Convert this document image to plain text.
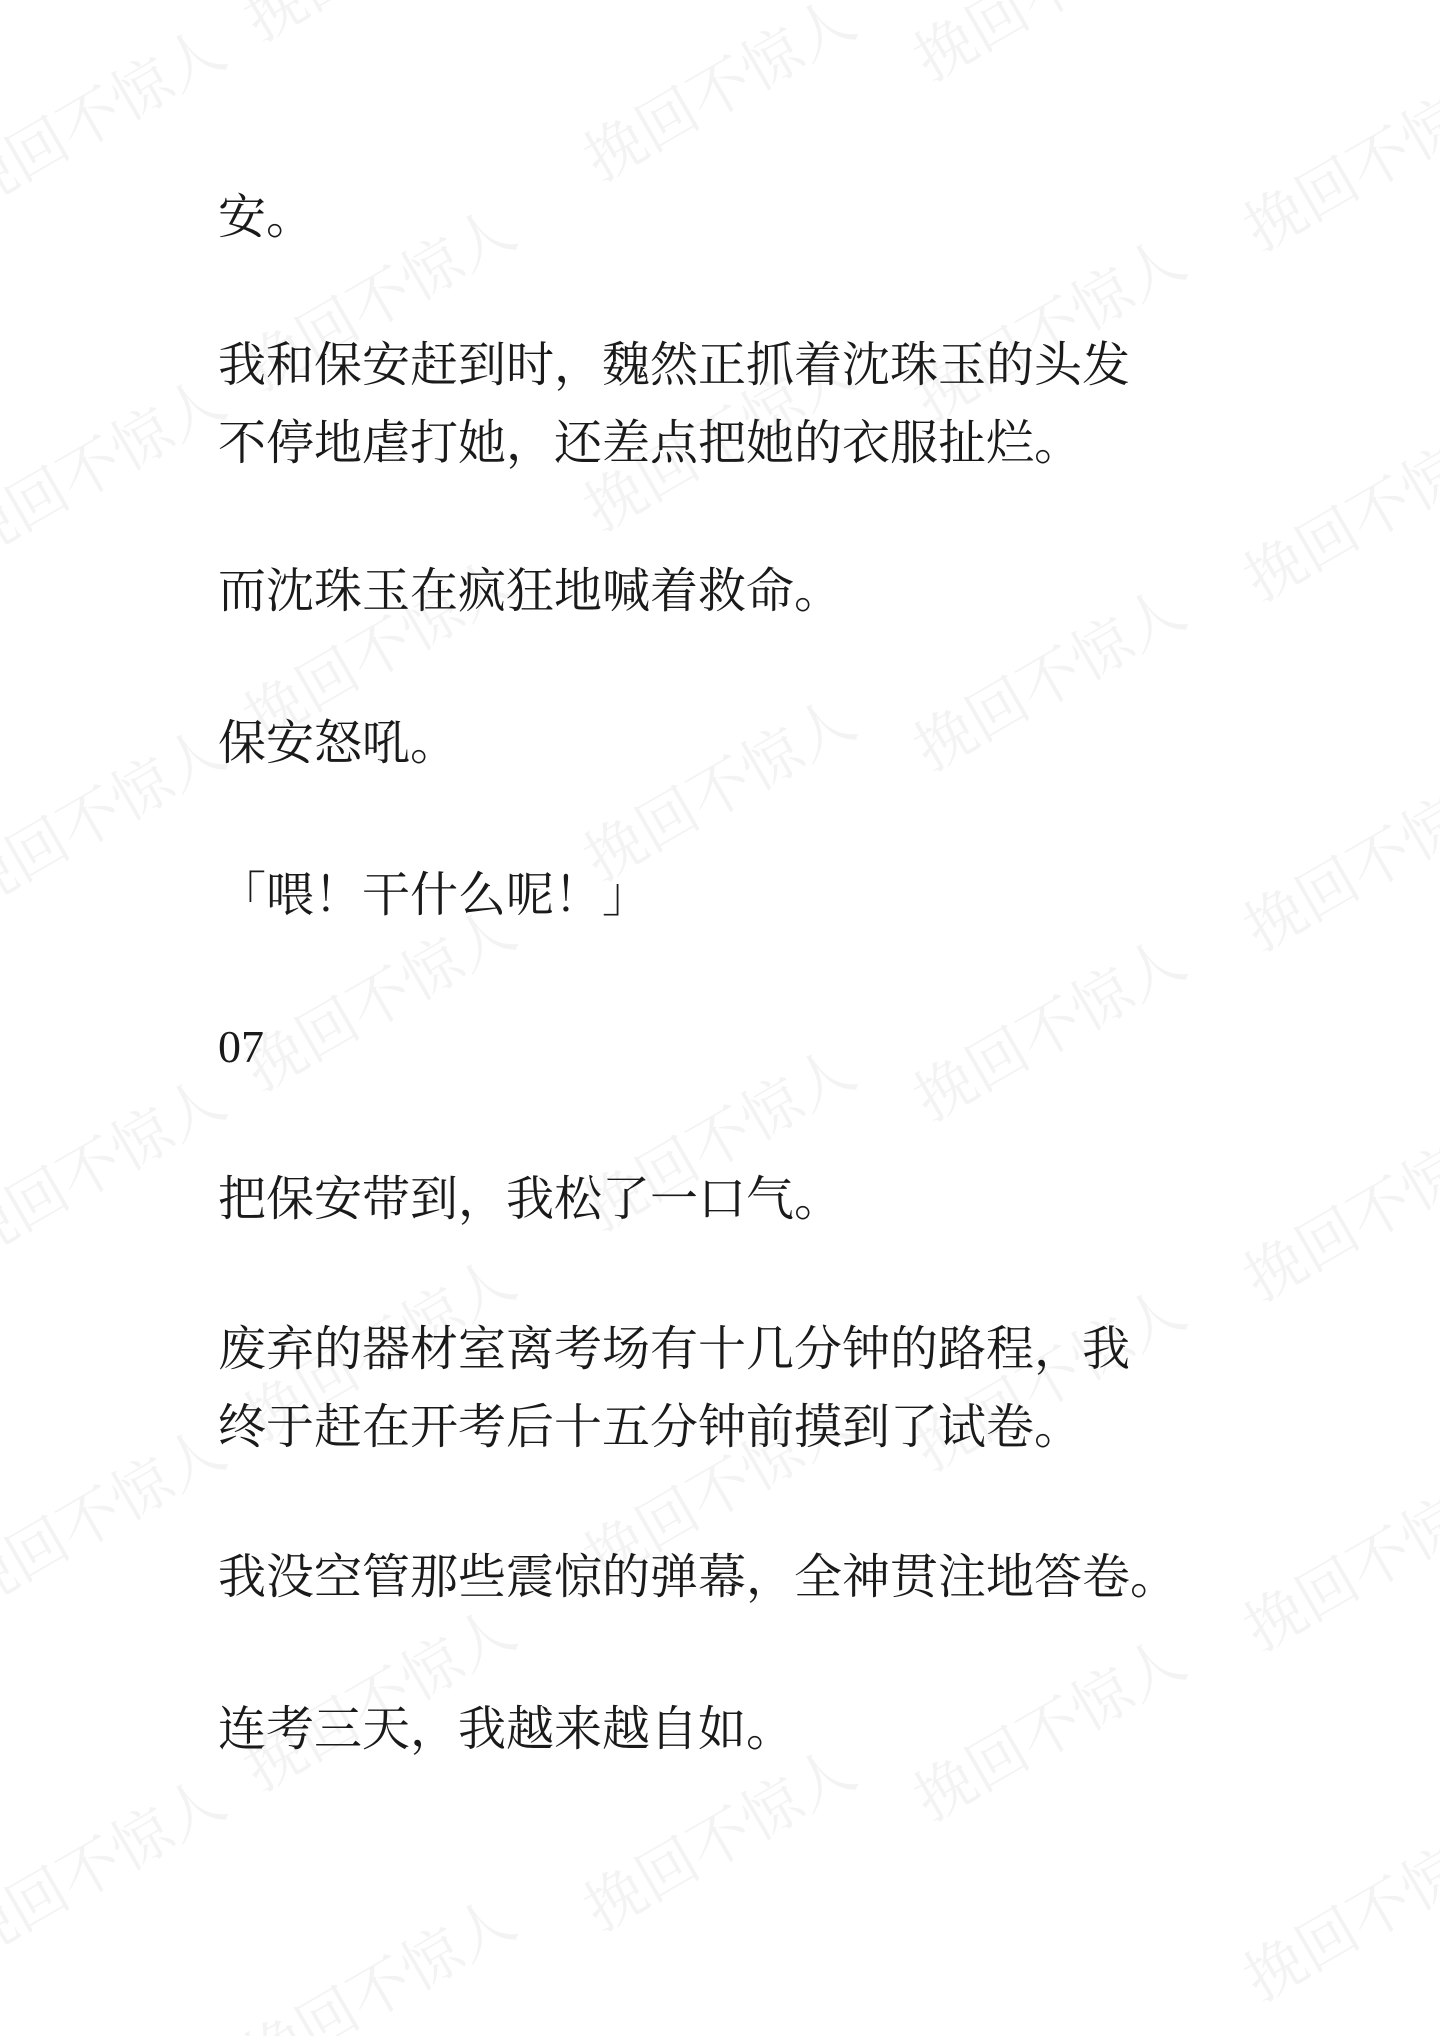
安。

我和保安赶到时，魏然正抓着沈珠玉的头发

不停地虐打她，还差点把她的衣服扯烂。

而沈珠玉在疯狂地喊着救命。

保安怒吼。

「喂！干什么呢！」

07

把保安带到，我松了一口气。

废弃的器材室离考场有十几分钟的路程，我

终于赶在开考后十五分钟前摸到了试卷。

我没空管那些震惊的弹幕，全神贯注地答卷。

连考三天，我越来越自如。
